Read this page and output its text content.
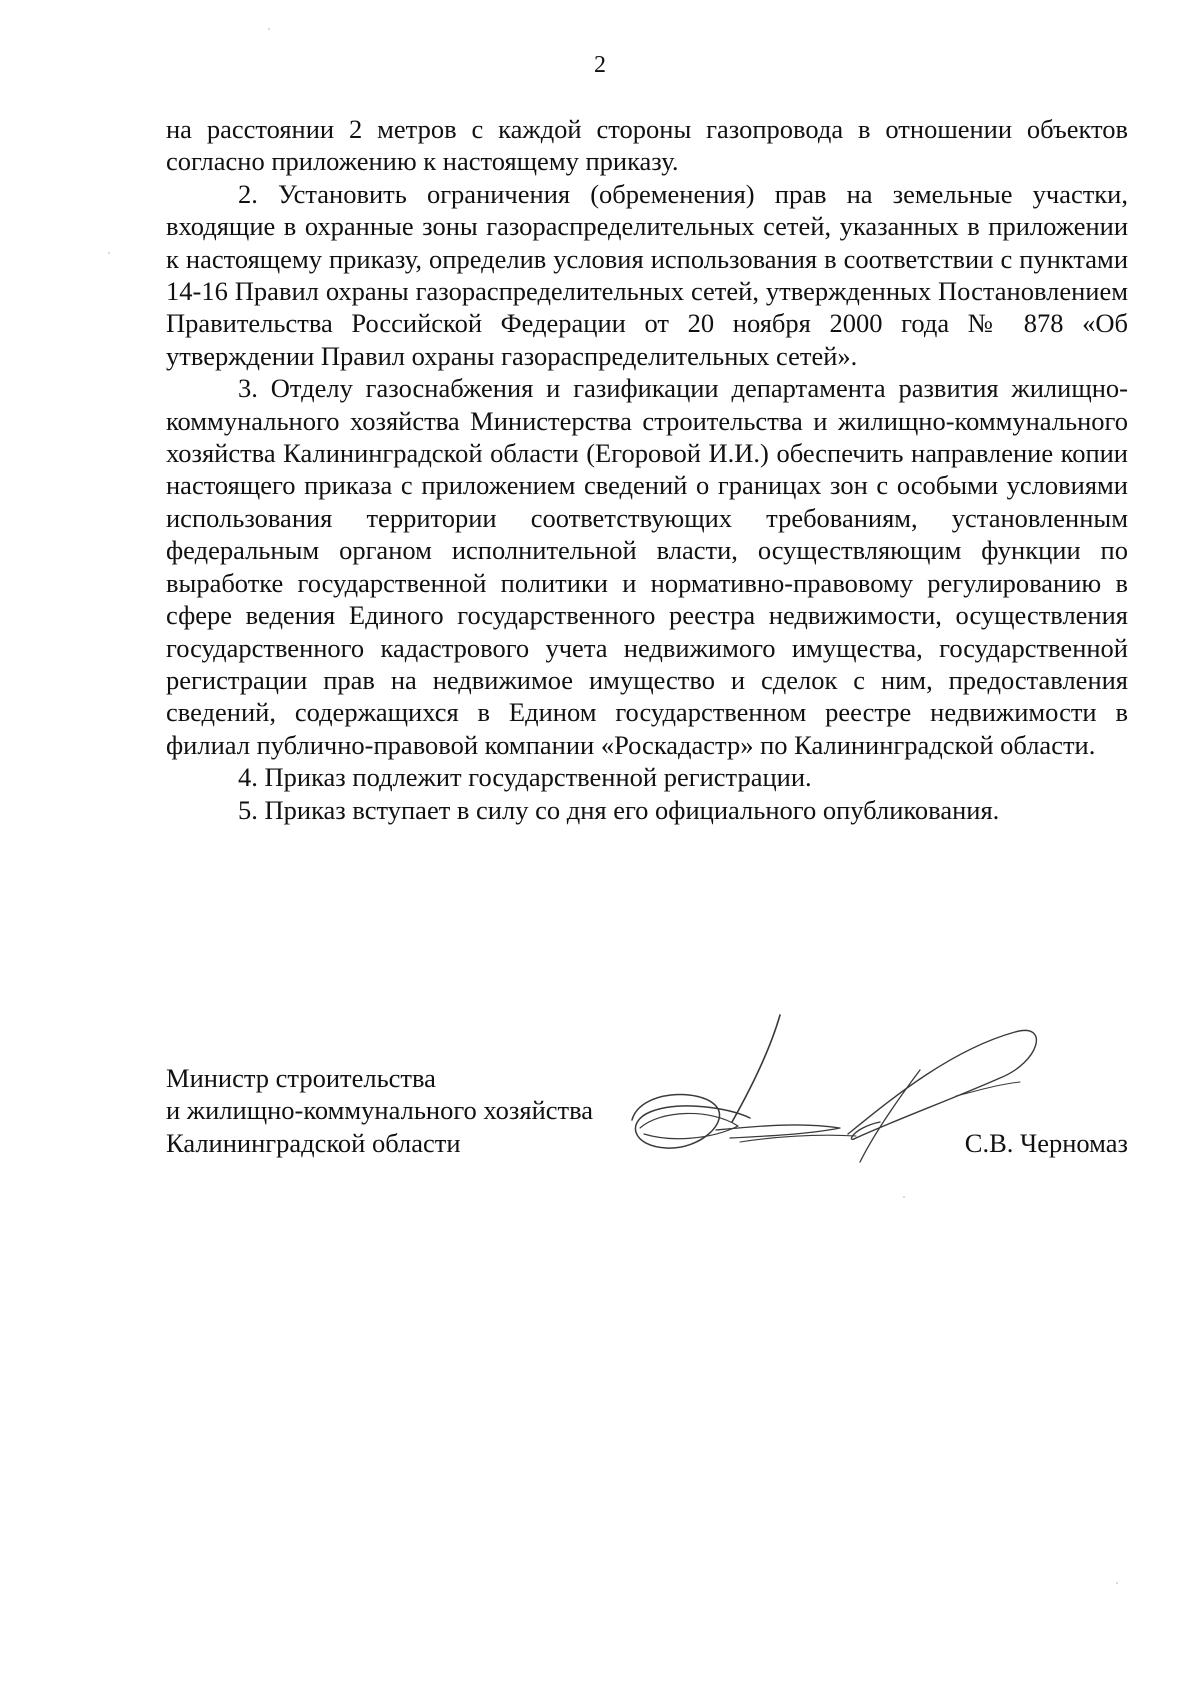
2

на расстоянии 2 метров с каждой стороны газопровода в отношении объектов согласно приложению к настоящему приказу.

2. Установить ограничения (обременения) прав на земельные участки, входящие в охранные зоны газораспределительных сетей, указанных в приложении к настоящему приказу, определив условия использования в соответствии с пунктами 14-16 Правил охраны газораспределительных сетей, утвержденных Постановлением Правительства Российской Федерации от 20 ноября 2000 года № 878 «Об утверждении Правил охраны газораспределительных сетей».

3. Отделу газоснабжения и газификации департамента развития жилищно-коммунального хозяйства Министерства строительства и жилищно-коммунального хозяйства Калининградской области (Егоровой И.И.) обеспечить направление копии настоящего приказа с приложением сведений о границах зон с особыми условиями использования территории соответствующих требованиям, установленным федеральным органом исполнительной власти, осуществляющим функции по выработке государственной политики и нормативно-правовому регулированию в сфере ведения Единого государственного реестра недвижимости, осуществления государственного кадастрового учета недвижимого имущества, государственной регистрации прав на недвижимое имущество и сделок с ним, предоставления сведений, содержащихся в Едином государственном реестре недвижимости в филиал публично-правовой компании «Роскадастр» по Калининградской области.

4. Приказ подлежит государственной регистрации.

5. Приказ вступает в силу со дня его официального опубликования.

Министр строительства
и жилищно-коммунального хозяйства
Калининградской области	С.В. Черномаз
